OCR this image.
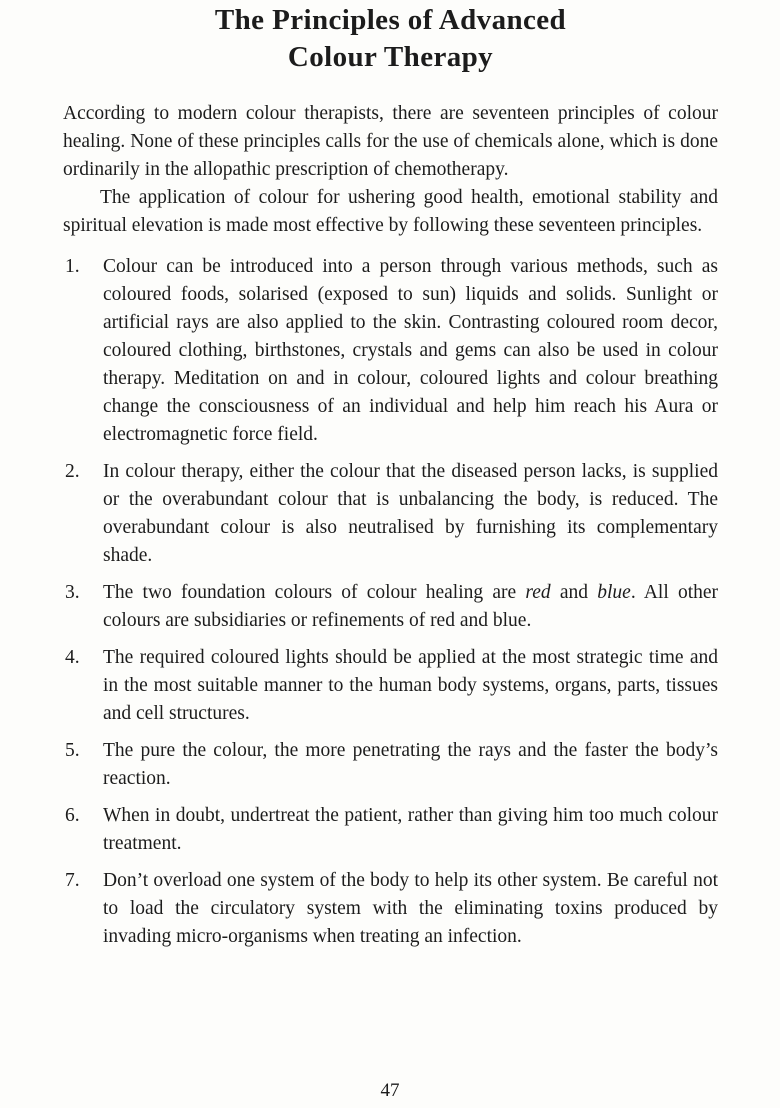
The Principles of Advanced
Colour Therapy

According to modern colour therapists, there are seventeen principles of colour healing. None of these principles calls for the use of chemicals alone, which is done ordinarily in the allopathic prescription of chemotherapy.

The application of colour for ushering good health, emotional stability and spiritual elevation is made most effective by following these seventeen principles.

1.	Colour can be introduced into a person through various methods, such as coloured foods, solarised (exposed to sun) liquids and solids. Sunlight or artificial rays are also applied to the skin. Contrasting coloured room decor, coloured clothing, birthstones, crystals and gems can also be used in colour therapy. Meditation on and in colour, coloured lights and colour breathing change the consciousness of an individual and help him reach his Aura or electromagnetic force field.
2.	In colour therapy, either the colour that the diseased person lacks, is supplied or the overabundant colour that is unbalancing the body, is reduced. The overabundant colour is also neutralised by furnishing its complementary shade.
3.	The two foundation colours of colour healing are red and blue. All other colours are subsidiaries or refinements of red and blue.
4.	The required coloured lights should be applied at the most strategic time and in the most suitable manner to the human body systems, organs, parts, tissues and cell structures.
5.	The pure the colour, the more penetrating the rays and the faster the body’s reaction.
6.	When in doubt, undertreat the patient, rather than giving him too much colour treatment.
7.	Don’t overload one system of the body to help its other system. Be careful not to load the circulatory system with the eliminating toxins produced by invading micro-organisms when treating an infection.
47
